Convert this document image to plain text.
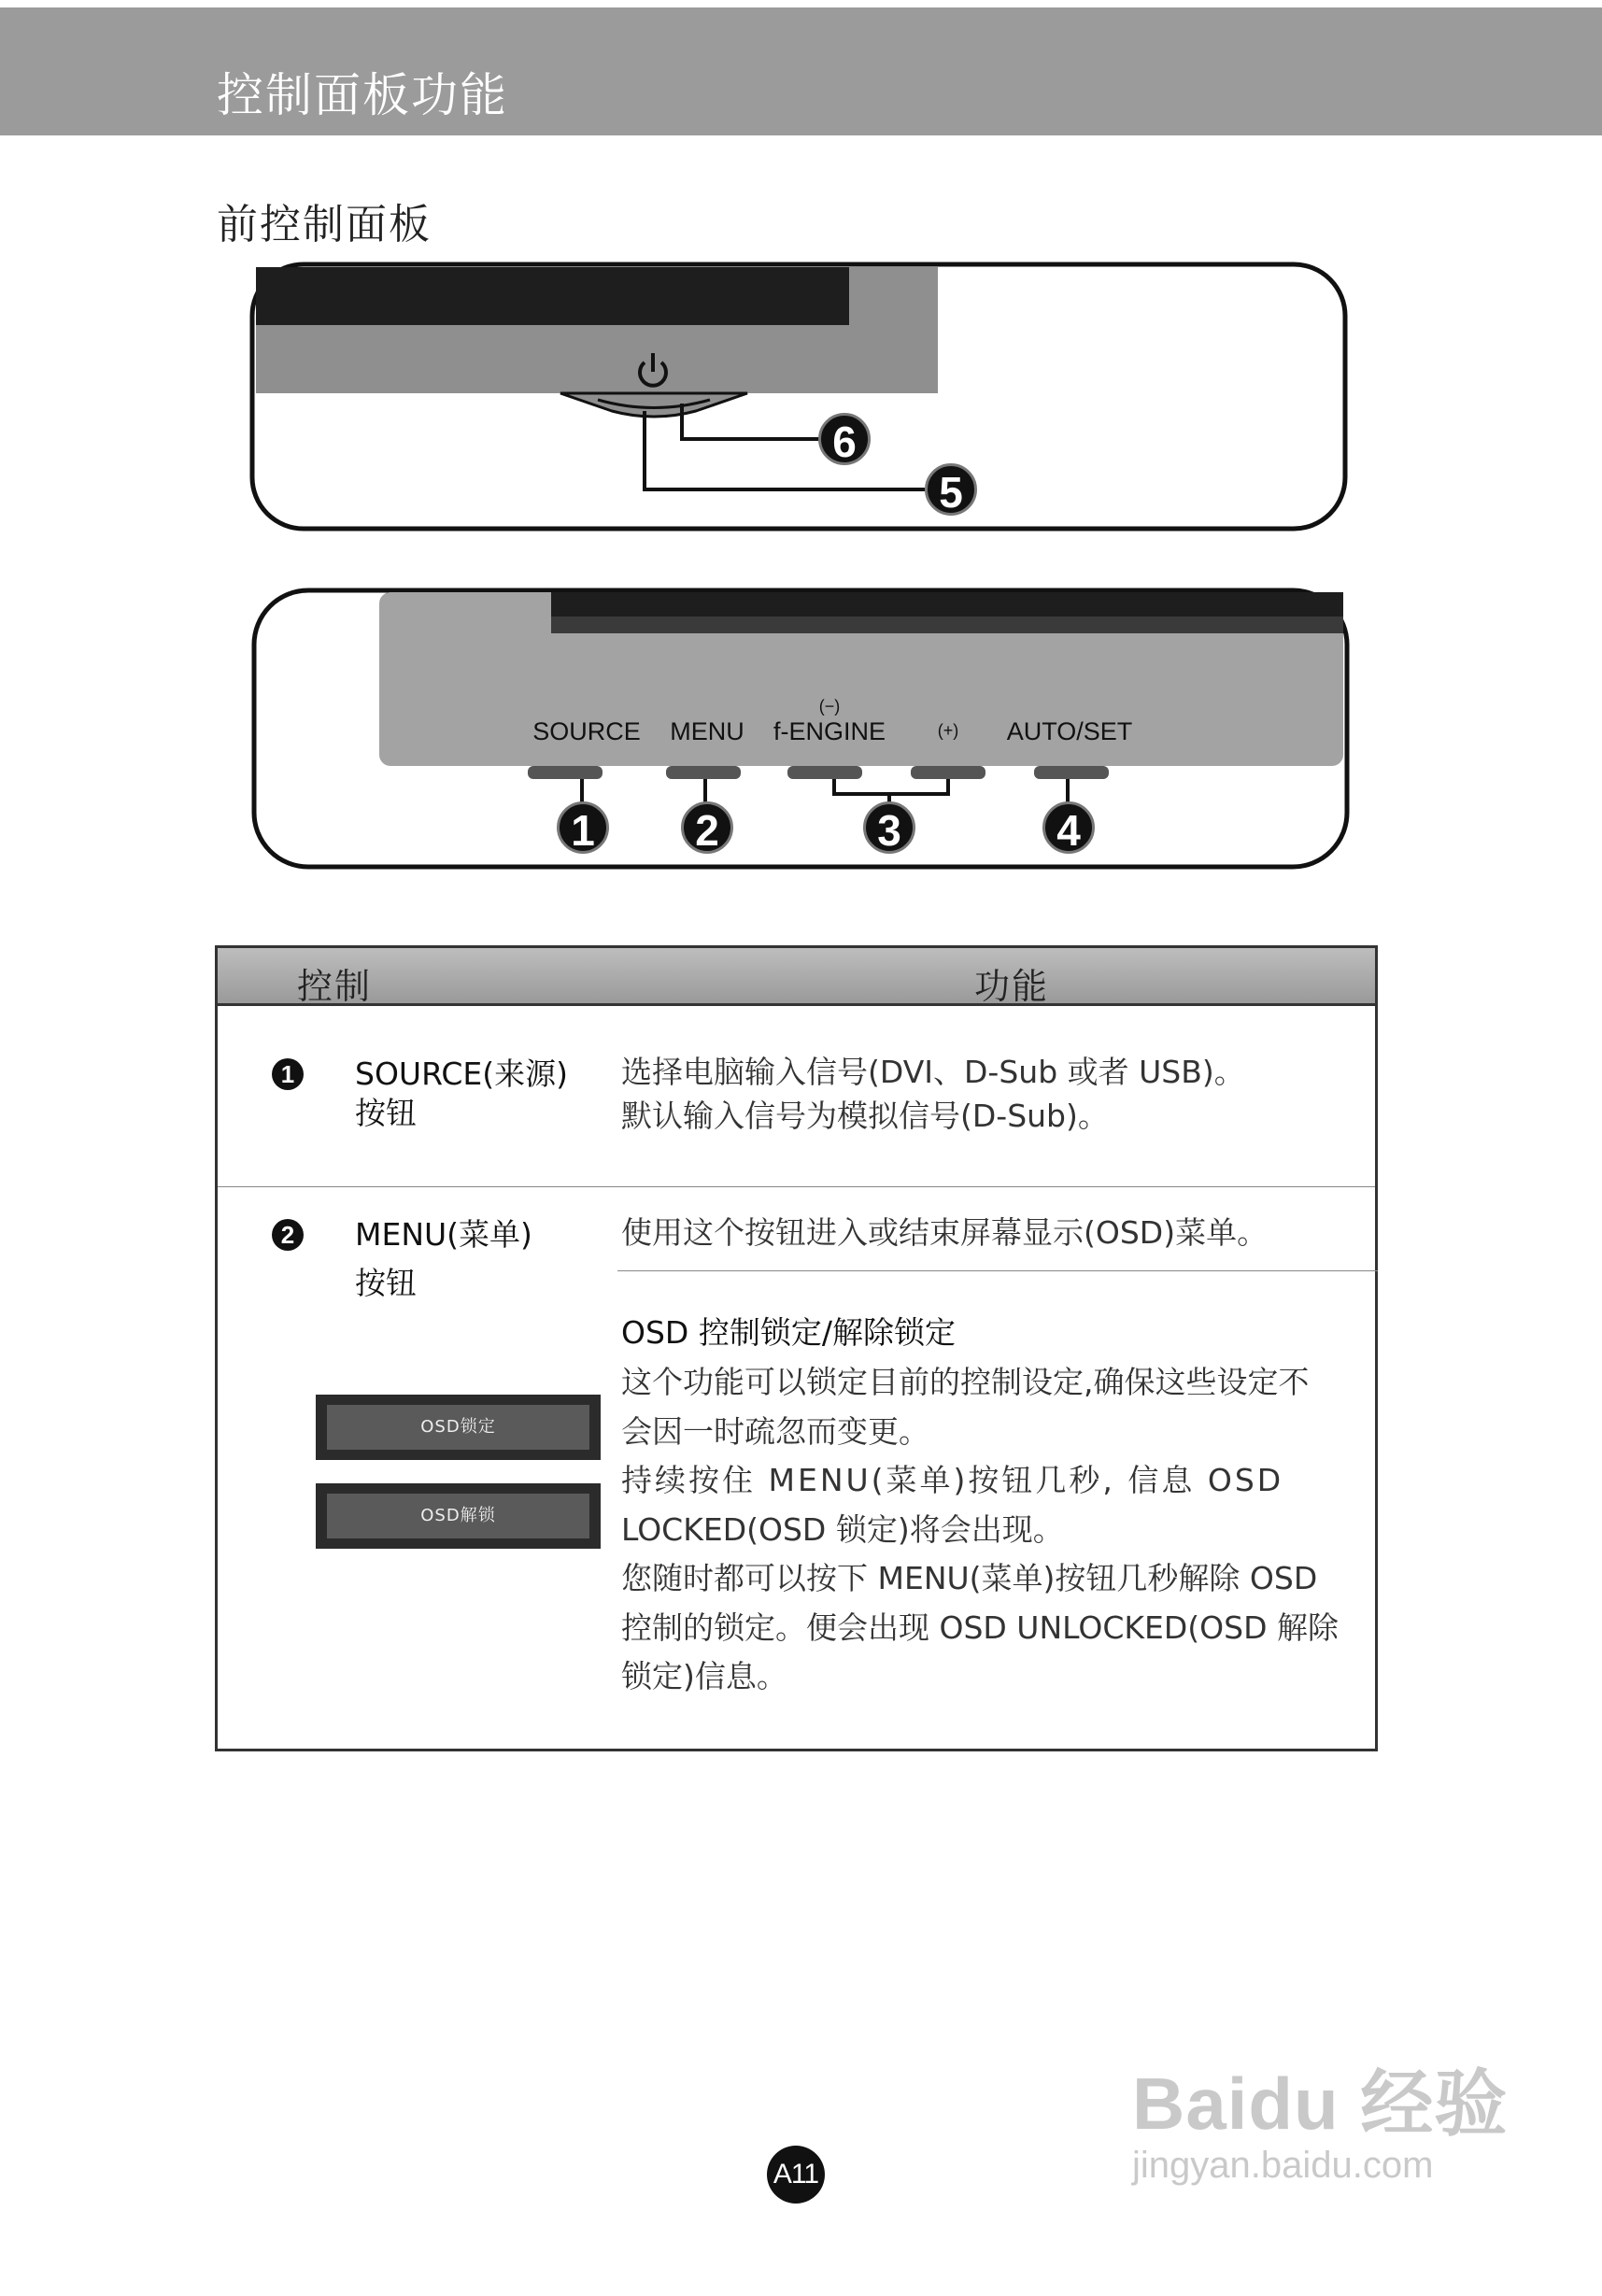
控制面板功能
前控制面板
6
5
SOURCE MENU
(−)
f-ENGINE	(+) AUTO/SET
1	2	3	4
控制	功能
1 SOURCE(来源)
按钮
选择电脑输入信号(DVI、D-Sub 或者 USB)。
默认输入信号为模拟信号(D-Sub)。
2 MENU(菜单)
按钮
使用这个按钮进入或结束屏幕显示(OSD)菜单。
OSD 控制锁定/解除锁定
这个功能可以锁定目前的控制设定,确保这些设定不
会因一时疏忽而变更。
持续按住 MENU(菜单)按钮几秒, 信息 OSD
LOCKED(OSD 锁定)将会出现。
您随时都可以按下 MENU(菜单)按钮几秒解除 OSD
控制的锁定。便会出现 OSD UNLOCKED(OSD 解除
锁定)信息。
OSD锁定
OSD解锁
A11
Baidu 经验
jingyan.baidu.com
